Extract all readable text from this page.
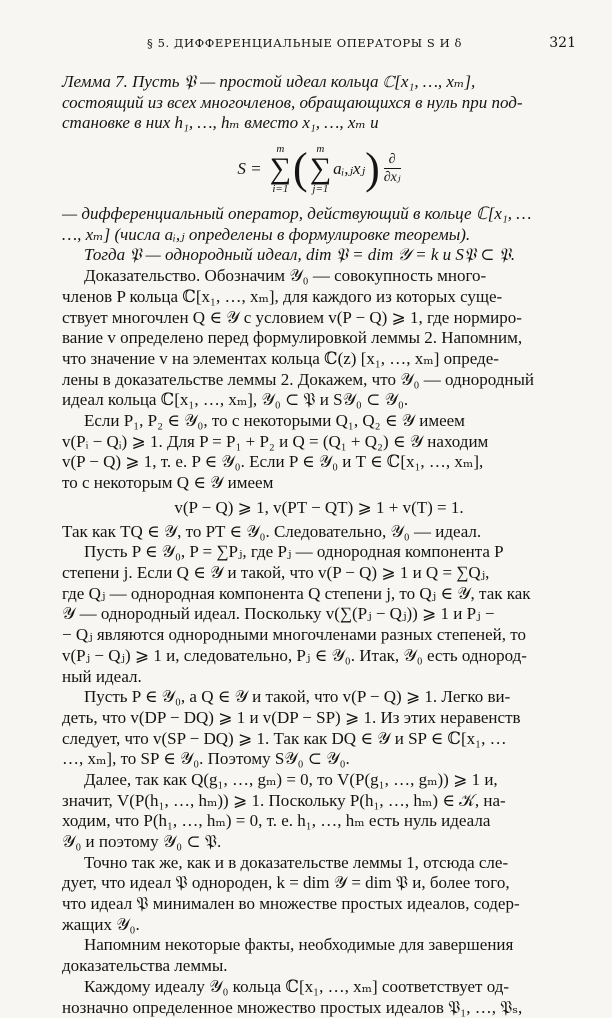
§ 5. ДИФФЕРЕНЦИАЛЬНЫЕ ОПЕРАТОРЫ S И δ	321
Лемма 7. Пусть 𝔓 — простой идеал кольца ℂ[x₁, …, xₘ],
состоящий из всех многочленов, обращающихся в нуль при под-
становке в них h₁, …, hₘ вместо x₁, …, xₘ и
S =
m
∑
i=1 ( m
∑
j=1
aᵢ,ⱼxⱼ ) $\frac{\partial}{\text{∂xⱼ}}$
— дифференциальный оператор, действующий в кольце ℂ[x₁, …
…, xₘ] (числа aᵢ,ⱼ определены в формулировке теоремы).
Тогда 𝔓 — однородный идеал, dim 𝔓 = dim 𝒴 = k и S𝔓 ⊂ 𝔓.
Доказательство. Обозначим 𝒴₀ — совокупность много-
членов P кольца ℂ[x₁, …, xₘ], для каждого из которых суще-
ствует многочлен Q ∈ 𝒴 с условием v(P − Q) ⩾ 1, где нормиро-
вание v определено перед формулировкой леммы 2. Напомним,
что значение v на элементах кольца ℂ(z) [x₁, …, xₘ] опреде-
лены в доказательстве леммы 2. Докажем, что 𝒴₀ — однородный
идеал кольца ℂ[x₁, …, xₘ], 𝒴₀ ⊂ 𝔓 и S𝒴₀ ⊂ 𝒴₀.
Если P₁, P₂ ∈ 𝒴₀, то с некоторыми Q₁, Q₂ ∈ 𝒴 имеем
v(Pᵢ − Qᵢ) ⩾ 1. Для P = P₁ + P₂ и Q = (Q₁ + Q₂) ∈ 𝒴 находим
v(P − Q) ⩾ 1, т. е. P ∈ 𝒴₀. Если P ∈ 𝒴₀ и T ∈ ℂ[x₁, …, xₘ],
то с некоторым Q ∈ 𝒴 имеем
v(P − Q) ⩾ 1, v(PT − QT) ⩾ 1 + v(T) = 1.
Так как TQ ∈ 𝒴, то PT ∈ 𝒴₀. Следовательно, 𝒴₀ — идеал.
Пусть P ∈ 𝒴₀, P = ∑Pⱼ, где Pⱼ — однородная компонента P
степени j. Если Q ∈ 𝒴 и такой, что v(P − Q) ⩾ 1 и Q = ∑Qⱼ,
где Qⱼ — однородная компонента Q степени j, то Qⱼ ∈ 𝒴, так как
𝒴 — однородный идеал. Поскольку v(∑(Pⱼ − Qⱼ)) ⩾ 1 и Pⱼ −
− Qⱼ являются однородными многочленами разных степеней, то
v(Pⱼ − Qⱼ) ⩾ 1 и, следовательно, Pⱼ ∈ 𝒴₀. Итак, 𝒴₀ есть однород-
ный идеал.
Пусть P ∈ 𝒴₀, а Q ∈ 𝒴 и такой, что v(P − Q) ⩾ 1. Легко ви-
деть, что v(DP − DQ) ⩾ 1 и v(DP − SP) ⩾ 1. Из этих неравенств
следует, что v(SP − DQ) ⩾ 1. Так как DQ ∈ 𝒴 и SP ∈ ℂ[x₁, …
…, xₘ], то SP ∈ 𝒴₀. Поэтому S𝒴₀ ⊂ 𝒴₀.
Далее, так как Q(g₁, …, gₘ) = 0, то V(P(g₁, …, gₘ)) ⩾ 1 и,
значит, V(P(h₁, …, hₘ)) ⩾ 1. Поскольку P(h₁, …, hₘ) ∈ 𝒦, на-
ходим, что P(h₁, …, hₘ) = 0, т. е. h₁, …, hₘ есть нуль идеала
𝒴₀ и поэтому 𝒴₀ ⊂ 𝔓.
Точно так же, как и в доказательстве леммы 1, отсюда сле-
дует, что идеал 𝔓 однороден, k = dim 𝒴 = dim 𝔓 и, более того,
что идеал 𝔓 минимален во множестве простых идеалов, содер-
жащих 𝒴₀.
Напомним некоторые факты, необходимые для завершения
доказательства леммы.
Каждому идеалу 𝒴₀ кольца ℂ[x₁, …, xₘ] соответствует од-
нозначно определенное множество простых идеалов 𝔓₁, …, 𝔓ₛ,
